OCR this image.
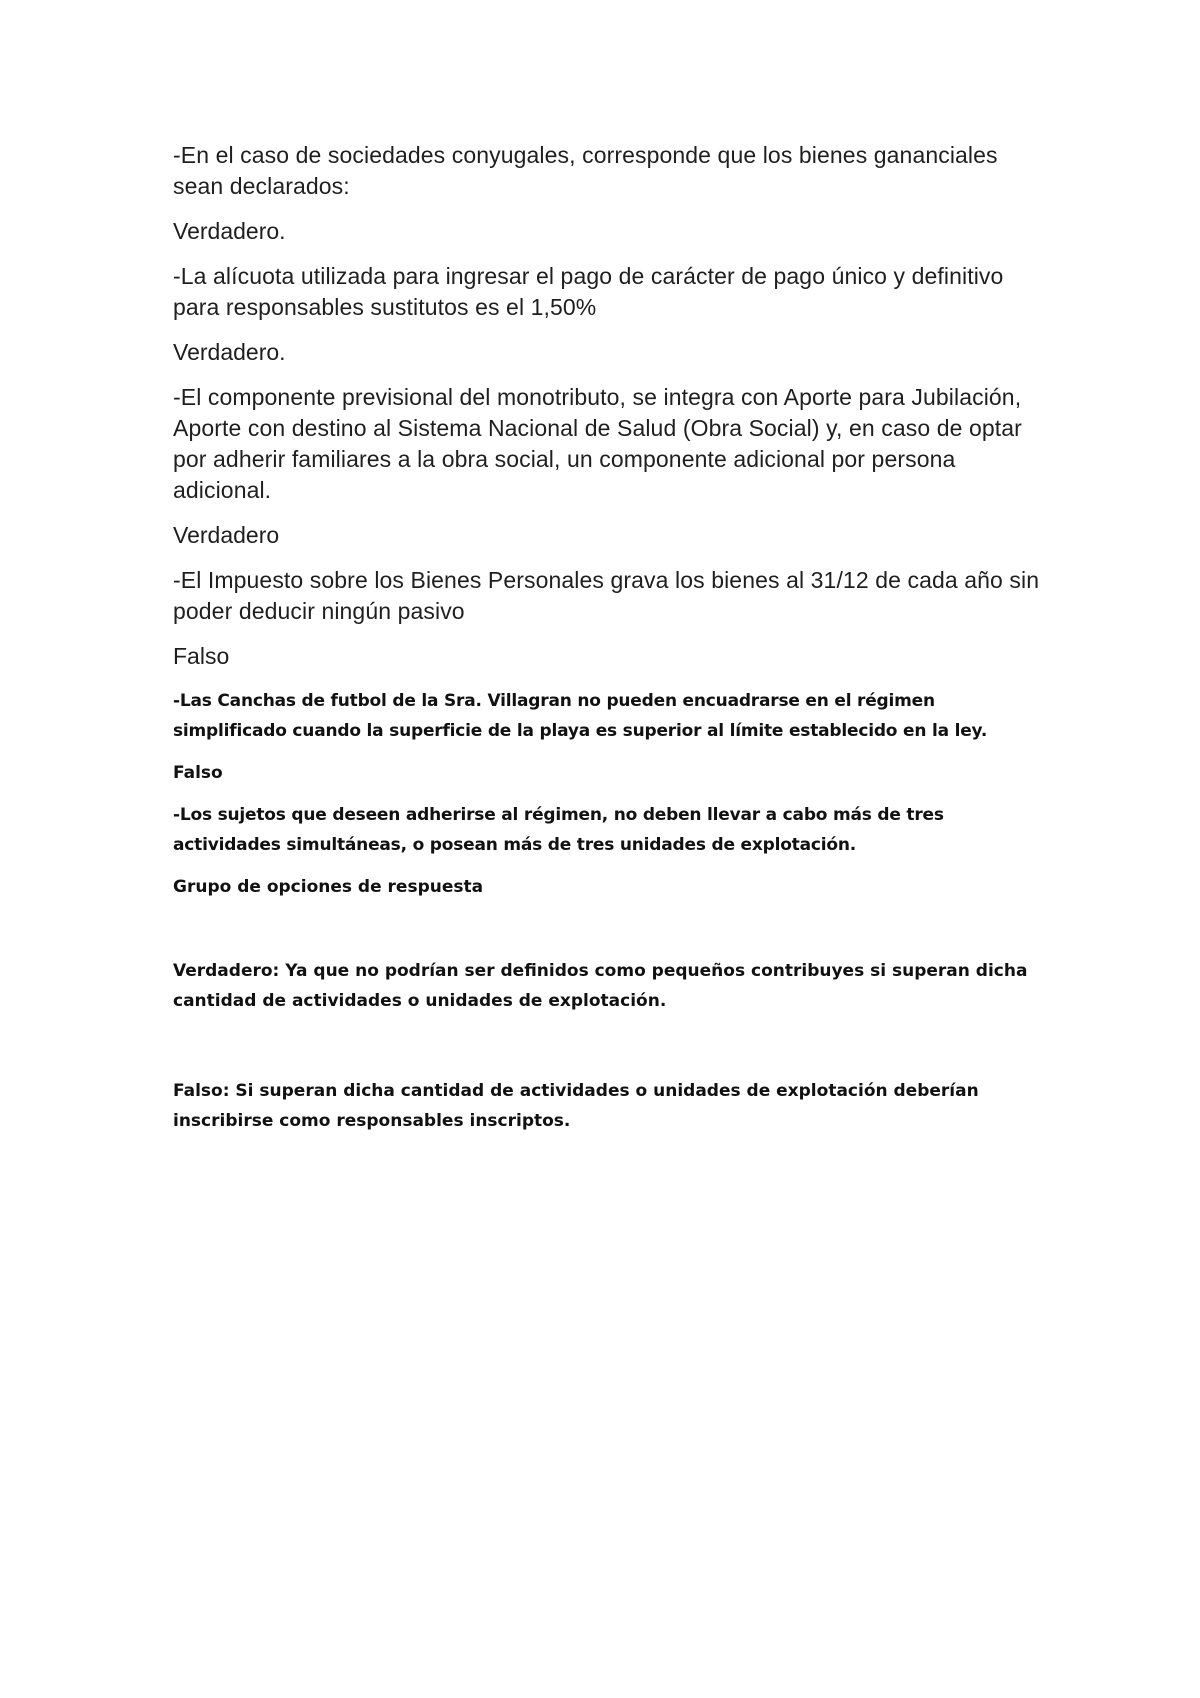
-En el caso de sociedades conyugales, corresponde que los bienes gananciales sean declarados:

Verdadero.

-La alícuota utilizada para ingresar el pago de carácter de pago único y definitivo para responsables sustitutos es el 1,50%

Verdadero.

-El componente previsional del monotributo, se integra con Aporte para Jubilación, Aporte con destino al Sistema Nacional de Salud (Obra Social) y, en caso de optar por adherir familiares a la obra social, un componente adicional por persona adicional.

Verdadero

-El Impuesto sobre los Bienes Personales grava los bienes al 31/12 de cada año sin poder deducir ningún pasivo

Falso

-Las Canchas de futbol de la Sra. Villagran no pueden encuadrarse en el régimen simplificado cuando la superficie de la playa es superior al límite establecido en la ley.

Falso

-Los sujetos que deseen adherirse al régimen, no deben llevar a cabo más de tres actividades simultáneas, o posean más de tres unidades de explotación.

Grupo de opciones de respuesta

Verdadero: Ya que no podrían ser definidos como pequeños contribuyes si superan dicha cantidad de actividades o unidades de explotación.

Falso: Si superan dicha cantidad de actividades o unidades de explotación deberían inscribirse como responsables inscriptos.
